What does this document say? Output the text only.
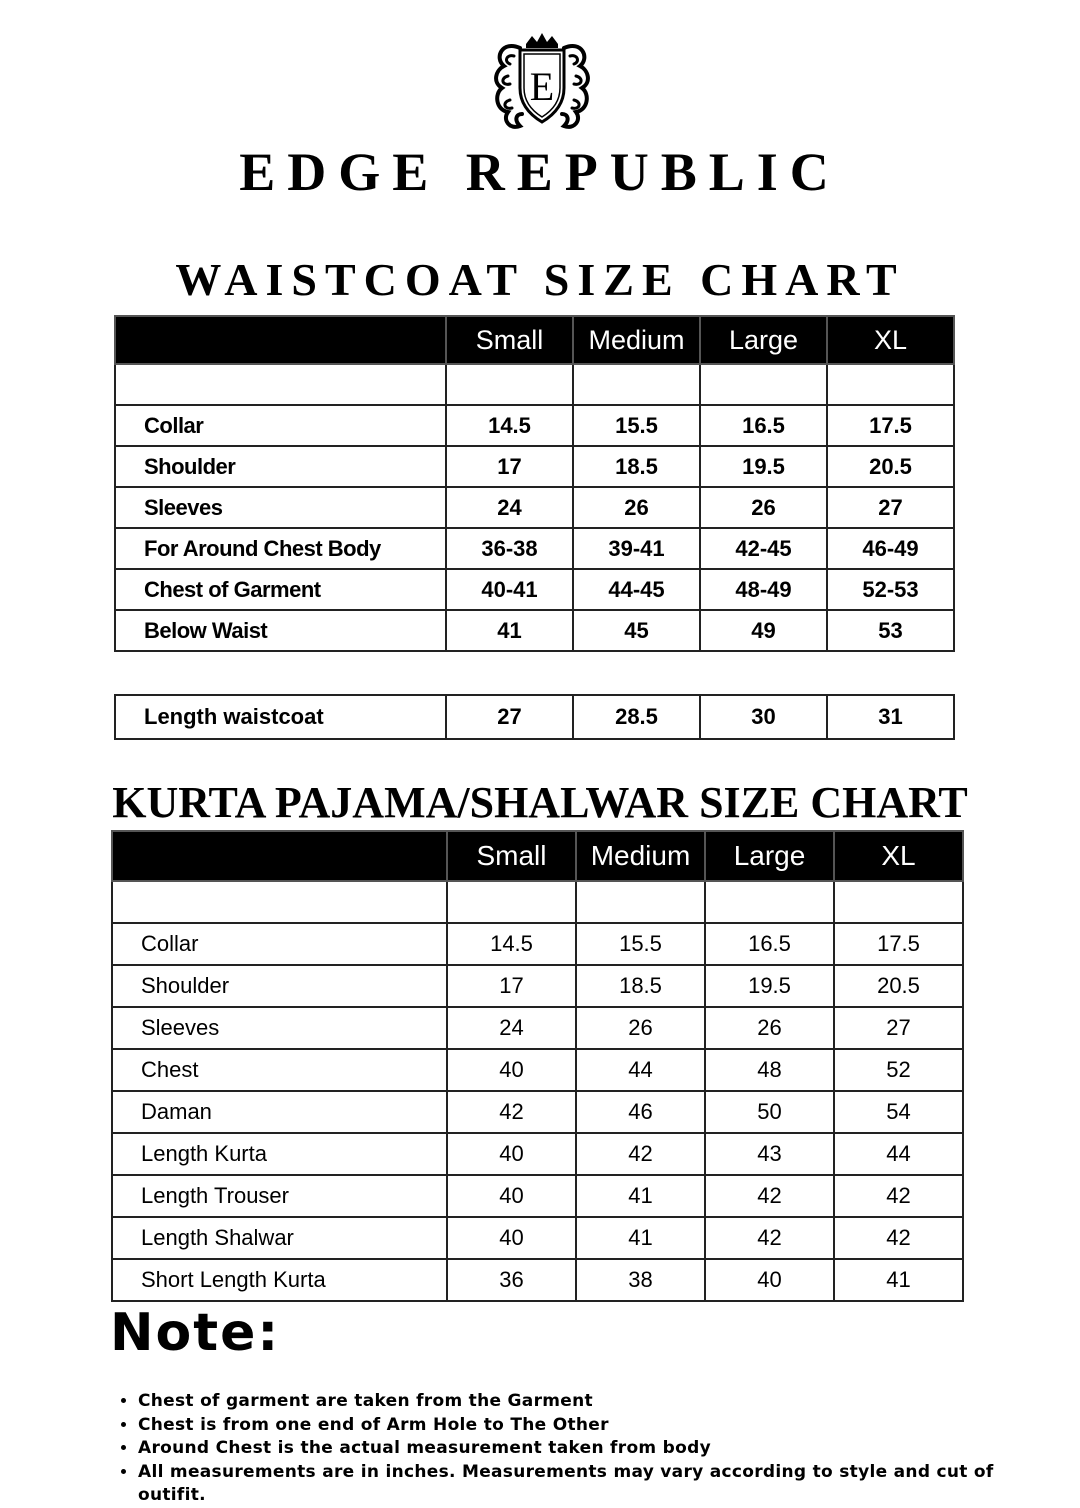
E
EDGE REPUBLIC
WAISTCOAT SIZE CHART
	Small	Medium	Large	XL

Collar	14.5	15.5	16.5	17.5
Shoulder	17	18.5	19.5	20.5
Sleeves	24	26	26	27
For Around Chest Body	36-38	39-41	42-45	46-49
Chest of Garment	40-41	44-45	48-49	52-53
Below Waist	41	45	49	53
Length waistcoat	27	28.5	30	31
KURTA PAJAMA/SHALWAR SIZE CHART
	Small	Medium	Large	XL

Collar	14.5	15.5	16.5	17.5
Shoulder	17	18.5	19.5	20.5
Sleeves	24	26	26	27
Chest	40	44	48	52
Daman	42	46	50	54
Length Kurta	40	42	43	44
Length Trouser	40	41	42	42
Length Shalwar	40	41	42	42
Short Length Kurta	36	38	40	41
Note:
• Chest of garment are taken from the Garment
• Chest is from one end of Arm Hole to The Other
• Around Chest is the actual measurement taken from body
• All measurements are in inches. Measurements may vary according to style and cut of outifit.
